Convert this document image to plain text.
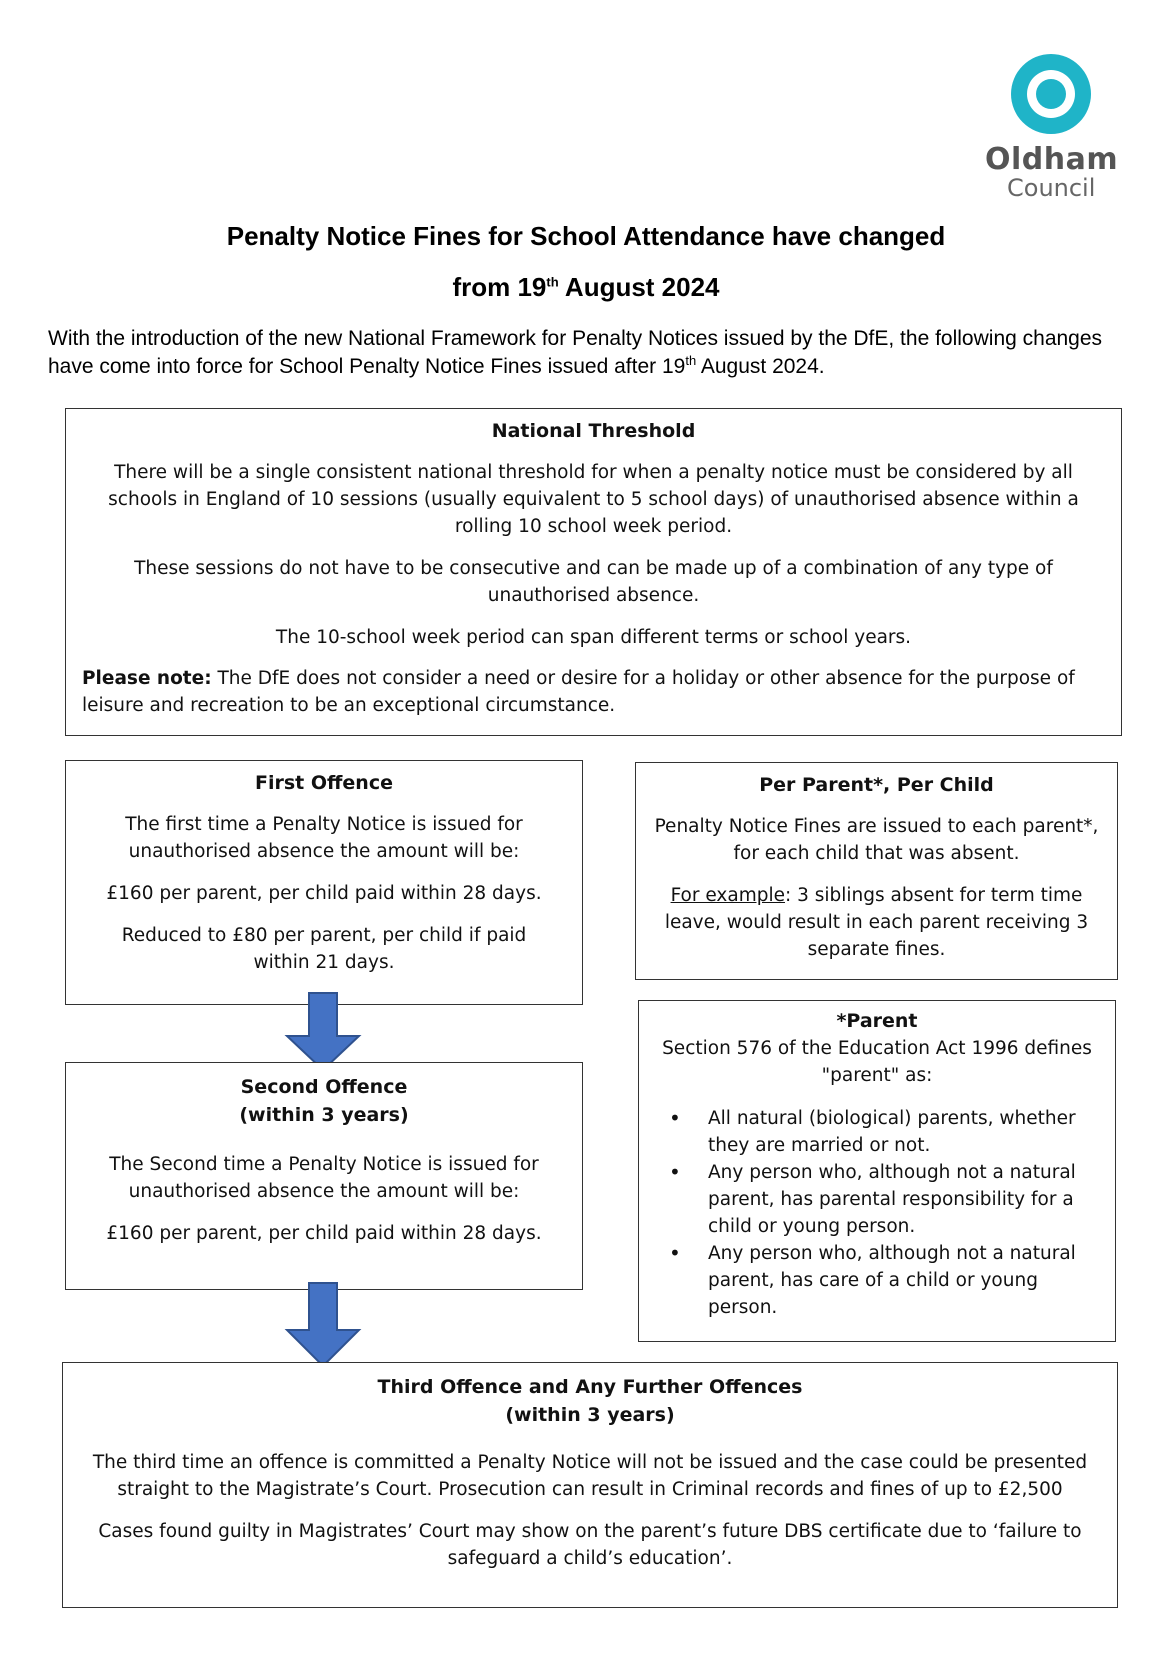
Oldham
Council
Penalty Notice Fines for School Attendance have changed
from 19th August 2024
With the introduction of the new National Framework for Penalty Notices issued by the DfE, the following changes have come into force for School Penalty Notice Fines issued after 19th August 2024.
National Threshold

There will be a single consistent national threshold for when a penalty notice must be considered by all schools in England of 10 sessions (usually equivalent to 5 school days) of unauthorised absence within a rolling 10 school week period.

These sessions do not have to be consecutive and can be made up of a combination of any type of unauthorised absence.

The 10-school week period can span different terms or school years.

Please note: The DfE does not consider a need or desire for a holiday or other absence for the purpose of leisure and recreation to be an exceptional circumstance.

First Offence

The first time a Penalty Notice is issued for unauthorised absence the amount will be:

£160 per parent, per child paid within 28 days.

Reduced to £80 per parent, per child if paid within 21 days.

Second Offence
(within 3 years)

The Second time a Penalty Notice is issued for unauthorised absence the amount will be:

£160 per parent, per child paid within 28 days.

Per Parent*, Per Child

Penalty Notice Fines are issued to each parent*, for each child that was absent.

For example: 3 siblings absent for term time leave, would result in each parent receiving 3 separate fines.

*Parent

Section 576 of the Education Act 1996 defines "parent" as:

• All natural (biological) parents, whether they are married or not.
• Any person who, although not a natural parent, has parental responsibility for a child or young person.
• Any person who, although not a natural parent, has care of a child or young person.
Third Offence and Any Further Offences
(within 3 years)

The third time an offence is committed a Penalty Notice will not be issued and the case could be presented straight to the Magistrate’s Court. Prosecution can result in Criminal records and fines of up to £2,500

Cases found guilty in Magistrates’ Court may show on the parent’s future DBS certificate due to ‘failure to safeguard a child’s education’.
